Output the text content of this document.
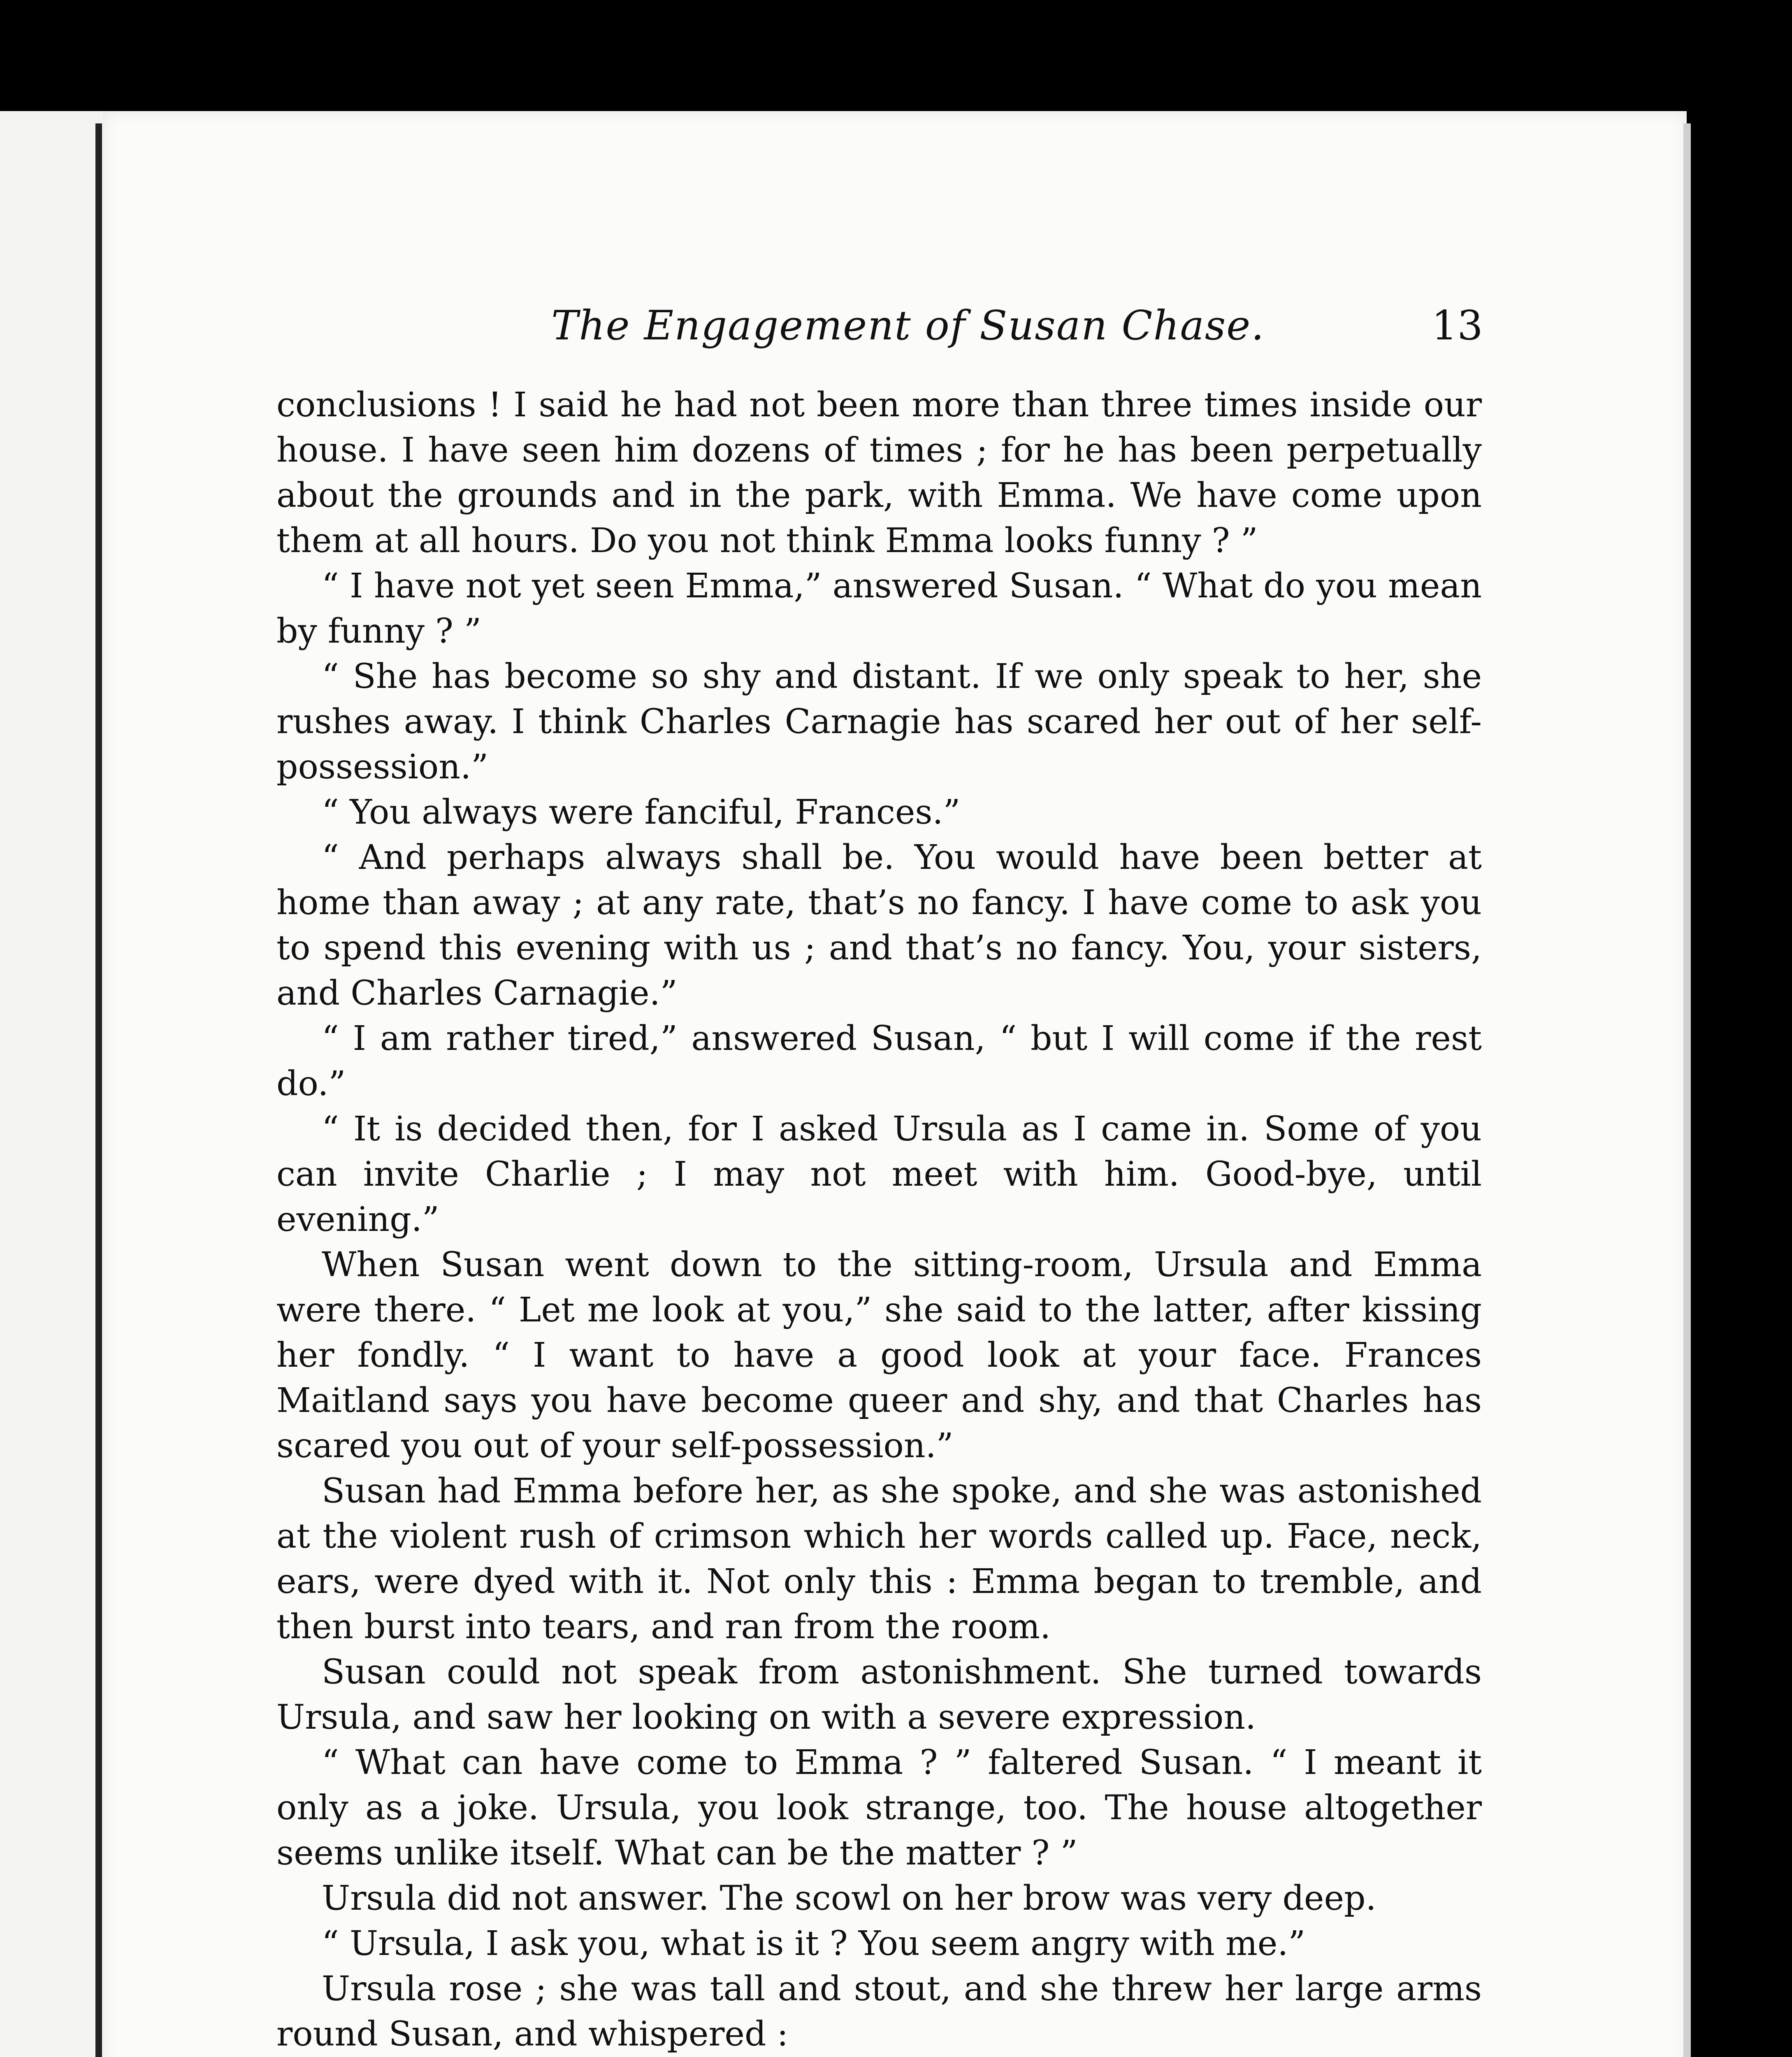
The Engagement of Susan Chase.	13

conclusions ! I said he had not been more than three times inside our house. I have seen him dozens of times ; for he has been perpetually about the grounds and in the park, with Emma. We have come upon them at all hours. Do you not think Emma looks funny ? ”

“ I have not yet seen Emma,” answered Susan. “ What do you mean by funny ? ”

“ She has become so shy and distant. If we only speak to her, she rushes away. I think Charles Carnagie has scared her out of her self-possession.”

“ You always were fanciful, Frances.”

“ And perhaps always shall be. You would have been better at home than away ; at any rate, that’s no fancy. I have come to ask you to spend this evening with us ; and that’s no fancy. You, your sisters, and Charles Carnagie.”

“ I am rather tired,” answered Susan, “ but I will come if the rest do.”

“ It is decided then, for I asked Ursula as I came in. Some of you can invite Charlie ; I may not meet with him. Good-bye, until evening.”

When Susan went down to the sitting-room, Ursula and Emma were there. “ Let me look at you,” she said to the latter, after kissing her fondly. “ I want to have a good look at your face. Frances Maitland says you have become queer and shy, and that Charles has scared you out of your self-possession.”

Susan had Emma before her, as she spoke, and she was astonished at the violent rush of crimson which her words called up. Face, neck, ears, were dyed with it. Not only this : Emma began to tremble, and then burst into tears, and ran from the room.

Susan could not speak from astonishment. She turned towards Ursula, and saw her looking on with a severe expression.

“ What can have come to Emma ? ” faltered Susan. “ I meant it only as a joke. Ursula, you look strange, too. The house altogether seems unlike itself. What can be the matter ? ”

Ursula did not answer. The scowl on her brow was very deep.

“ Ursula, I ask you, what is it ? You seem angry with me.”

Ursula rose ; she was tall and stout, and she threw her large arms round Susan, and whispered :
